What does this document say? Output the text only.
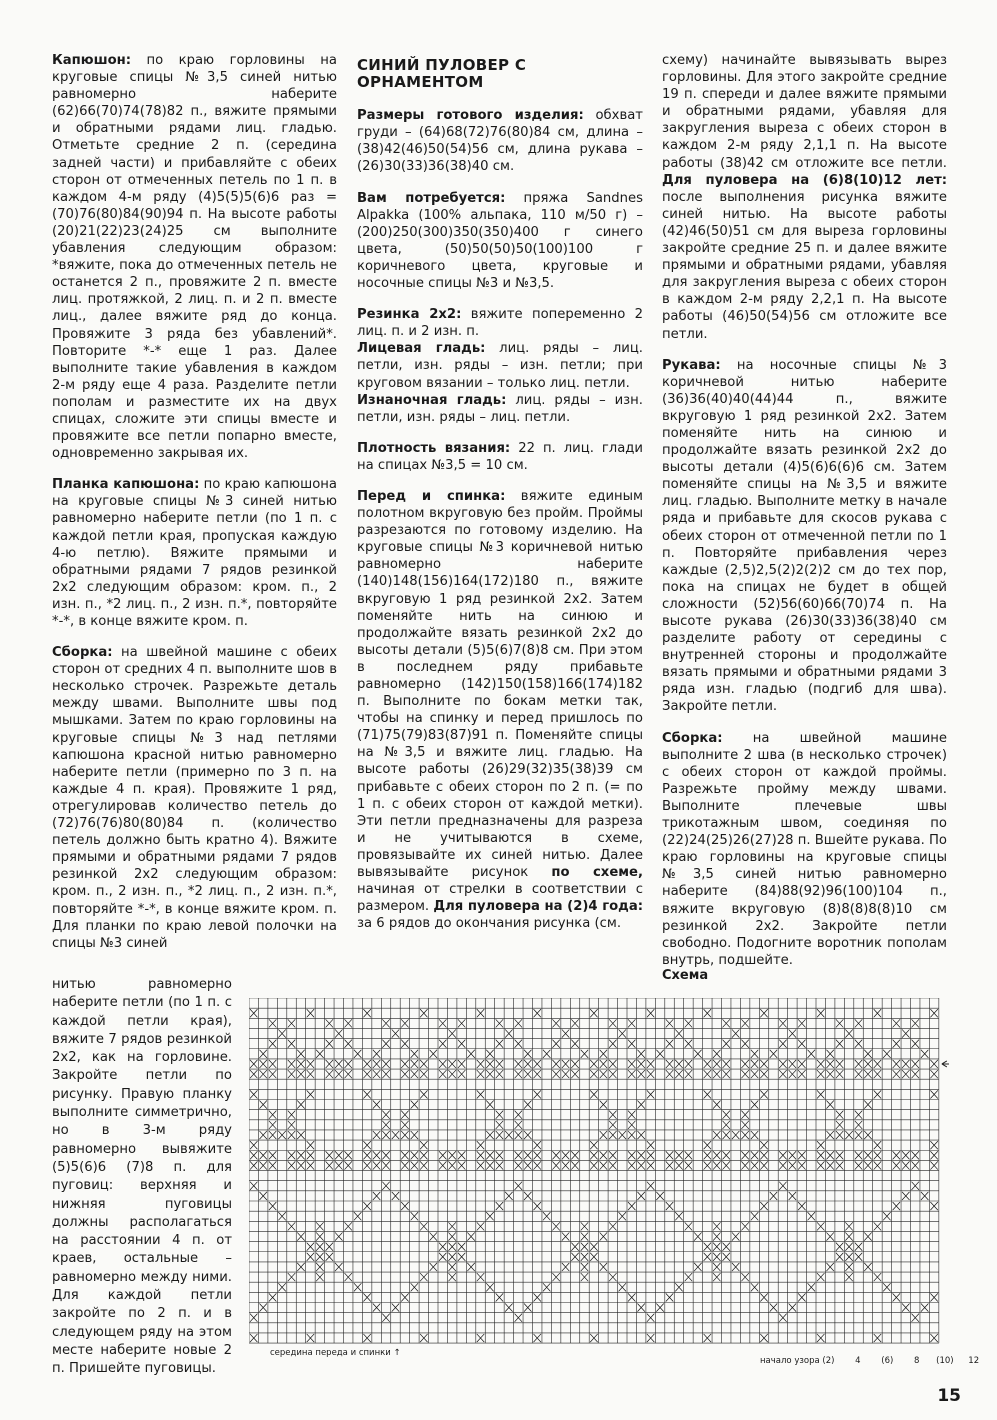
Капюшон: по краю горловины на круговые спицы №3,5 синей нитью равномерно наберите (62)66(70)74(78)82 п., вяжите прямыми и обратными рядами лиц. гладью. Отметьте средние 2 п. (середина задней части) и прибавляйте с обеих сторон от отмеченных петель по 1 п. в каждом 4-м ряду (4)5(5)5(6)6 раз = (70)76(80)84(90)94 п. На высоте работы (20)21(22)23(24)25 см выполните убавления следующим образом: *вяжите, пока до отмеченных петель не останется 2 п., провяжите 2 п. вместе лиц. протяжкой, 2 лиц. п. и 2 п. вместе лиц., далее вяжите ряд до конца. Провяжите 3 ряда без убавлений*. Повторите *-* еще 1 раз. Далее выполните такие убавления в каждом 2-м ряду еще 4 раза. Разделите петли пополам и разместите их на двух спицах, сложите эти спицы вместе и провяжите все петли попарно вместе, одновременно закрывая их.

Планка капюшона: по краю капюшона на круговые спицы №3 синей нитью равномерно наберите петли (по 1 п. с каждой петли края, пропуская каждую 4-ю петлю). Вяжите прямыми и обратными рядами 7 рядов резинкой 2х2 следующим образом: кром. п., 2 изн. п., *2 лиц. п., 2 изн. п.*, повторяйте *-*, в конце вяжите кром. п.

Сборка: на швейной машине с обеих сторон от средних 4 п. выполните шов в несколько строчек. Разрежьте деталь между швами. Выполните швы под мышками. Затем по краю горловины на круговые спицы №3 над петлями капюшона красной нитью равномерно наберите петли (примерно по 3 п. на каждые 4 п. края). Провяжите 1 ряд, отрегулировав количество петель до (72)76(76)80(80)84 п. (количество петель должно быть кратно 4). Вяжите прямыми и обратными рядами 7 рядов резинкой 2х2 следующим образом: кром. п., 2 изн. п., *2 лиц. п., 2 изн. п.*, повторяйте *-*, в конце вяжите кром. п. Для планки по краю левой полочки на спицы №3 синей

нитью равномерно наберите петли (по 1 п. с каждой петли края), вяжите 7 рядов резинкой 2х2, как на горловине. Закройте петли по рисунку. Правую планку выполните симметрично, но в 3-м ряду равномерно вывяжите (5)5(6)6 (7)8 п. для пуговиц: верхняя и нижняя пуговицы должны располагаться на расстоянии 4 п. от краев, остальные – равномерно между ними. Для каждой петли закройте по 2 п. и в следующем ряду на этом месте наберите новые 2 п. Пришейте пуговицы.

СИНИЙ ПУЛОВЕР С ОРНАМЕНТОМ

Размеры готового изделия: обхват груди – (64)68(72)76(80)84 см, длина – (38)42(46)50(54)56 см, длина рукава – (26)30(33)36(38)40 см.

Вам потребуется: пряжа Sandnes Alpakka (100% альпака, 110 м/50 г) – (200)250(300)350(350)400 г синего цвета, (50)50(50)50(100)100 г коричневого цвета, круговые и носочные спицы №3 и №3,5.

Резинка 2х2: вяжите попеременно 2 лиц. п. и 2 изн. п.
Лицевая гладь: лиц. ряды – лиц. петли, изн. ряды – изн. петли; при круговом вязании – только лиц. петли.
Изнаночная гладь: лиц. ряды – изн. петли, изн. ряды – лиц. петли.

Плотность вязания: 22 п. лиц. глади на спицах №3,5 = 10 см.

Перед и спинка: вяжите единым полотном вкруговую без пройм. Проймы разрезаются по готовому изделию. На круговые спицы №3 коричневой нитью равномерно наберите (140)148(156)164(172)180 п., вяжите вкруговую 1 ряд резинкой 2х2. Затем поменяйте нить на синюю и продолжайте вязать резинкой 2х2 до высоты детали (5)5(6)7(8)8 см. При этом в последнем ряду прибавьте равномерно (142)150(158)166(174)182 п. Выполните по бокам метки так, чтобы на спинку и перед пришлось по (71)75(79)83(87)91 п. Поменяйте спицы на №3,5 и вяжите лиц. гладью. На высоте работы (26)29(32)35(38)39 см прибавьте с обеих сторон по 2 п. (= по 1 п. с обеих сторон от каждой метки). Эти петли предназначены для разреза и не учитываются в схеме, провязывайте их синей нитью. Далее вывязывайте рисунок по схеме, начиная от стрелки в соответствии с размером. Для пуловера на (2)4 года: за 6 рядов до окончания рисунка (см.

схему) начинайте вывязывать вырез горловины. Для этого закройте средние 19 п. спереди и далее вяжите прямыми и обратными рядами, убавляя для закругления выреза с обеих сторон в каждом 2-м ряду 2,1,1 п. На высоте работы (38)42 см отложите все петли. Для пуловера на (6)8(10)12 лет: после выполнения рисунка вяжите синей нитью. На высоте работы (42)46(50)51 см для выреза горловины закройте средние 25 п. и далее вяжите прямыми и обратными рядами, убавляя для закругления выреза с обеих сторон в каждом 2-м ряду 2,2,1 п. На высоте работы (46)50(54)56 см отложите все петли.

Рукава: на носочные спицы №3 коричневой нитью наберите (36)36(40)40(44)44 п., вяжите вкруговую 1 ряд резинкой 2х2. Затем поменяйте нить на синюю и продолжайте вязать резинкой 2х2 до высоты детали (4)5(6)6(6)6 см. Затем поменяйте спицы на №3,5 и вяжите лиц. гладью. Выполните метку в начале ряда и прибавьте для скосов рукава с обеих сторон от отмеченной петли по 1 п. Повторяйте прибавления через каждые (2,5)2,5(2)2(2)2 см до тех пор, пока на спицах не будет в общей сложности (52)56(60)66(70)74 п. На высоте рукава (26)30(33)36(38)40 см разделите работу от середины с внутренней стороны и продолжайте вязать прямыми и обратными рядами 3 ряда изн. гладью (подгиб для шва). Закройте петли.

Сборка: на швейной машине выполните 2 шва (в несколько строчек) с обеих сторон от каждой проймы. Разрежьте пройму между швами. Выполните плечевые швы трикотажным швом, соединяя по (22)24(25)26(27)28 п. Вшейте рукава. По краю горловины на круговые спицы №3,5 синей нитью равномерно наберите (84)88(92)96(100)104 п., вяжите вкруговую (8)8(8)8(8)10 см резинкой 2х2. Закройте петли свободно. Подогните воротник пополам внутрь, подшейте.

Схема
середина переда и спинки ↑
начало узора (2) 4 (6) 8 (10) 12
15
